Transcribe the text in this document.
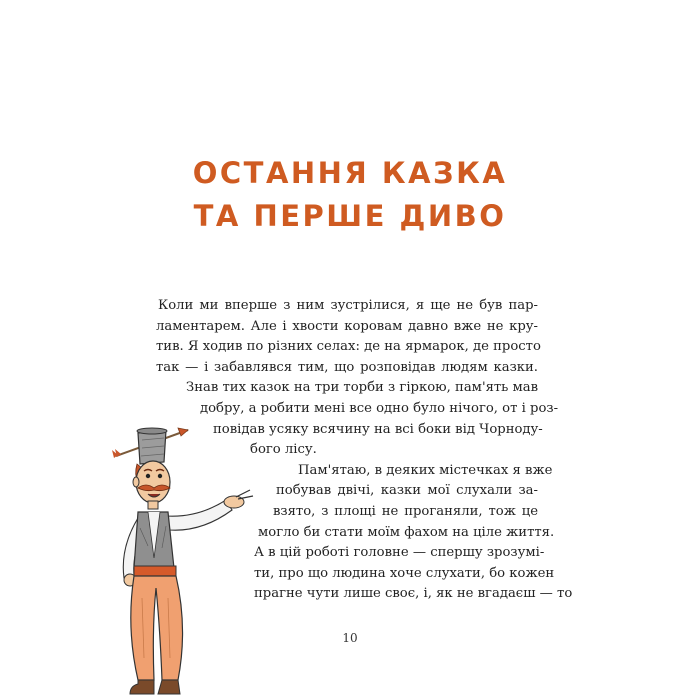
ОСТАННЯ КАЗКА
ТА ПЕРШЕ ДИВО
Коли ми вперше з ним зустрілися, я ще не був пар-
ламентарем. Але і хвости коровам давно вже не кру-
тив. Я ходив по різних селах: де на ярмарок, де просто
так — і забавлявся тим, що розповідав людям казки.
Знав тих казок на три торби з гіркою, пам'ять мав
добру, а робити мені все одно було нічого, от і роз-
повідав усяку всячину на всі боки від Чорноду-
бого лісу.
Пам'ятаю, в деяких містечках я вже
побував двічі, казки мої слухали за-
взято, з площі не проганяли, тож це
могло би стати моїм фахом на ціле життя.
А в цій роботі головне — спершу зрозумі-
ти, про що людина хоче слухати, бо кожен
прагне чути лише своє, і, як не вгадаєш — то
10
